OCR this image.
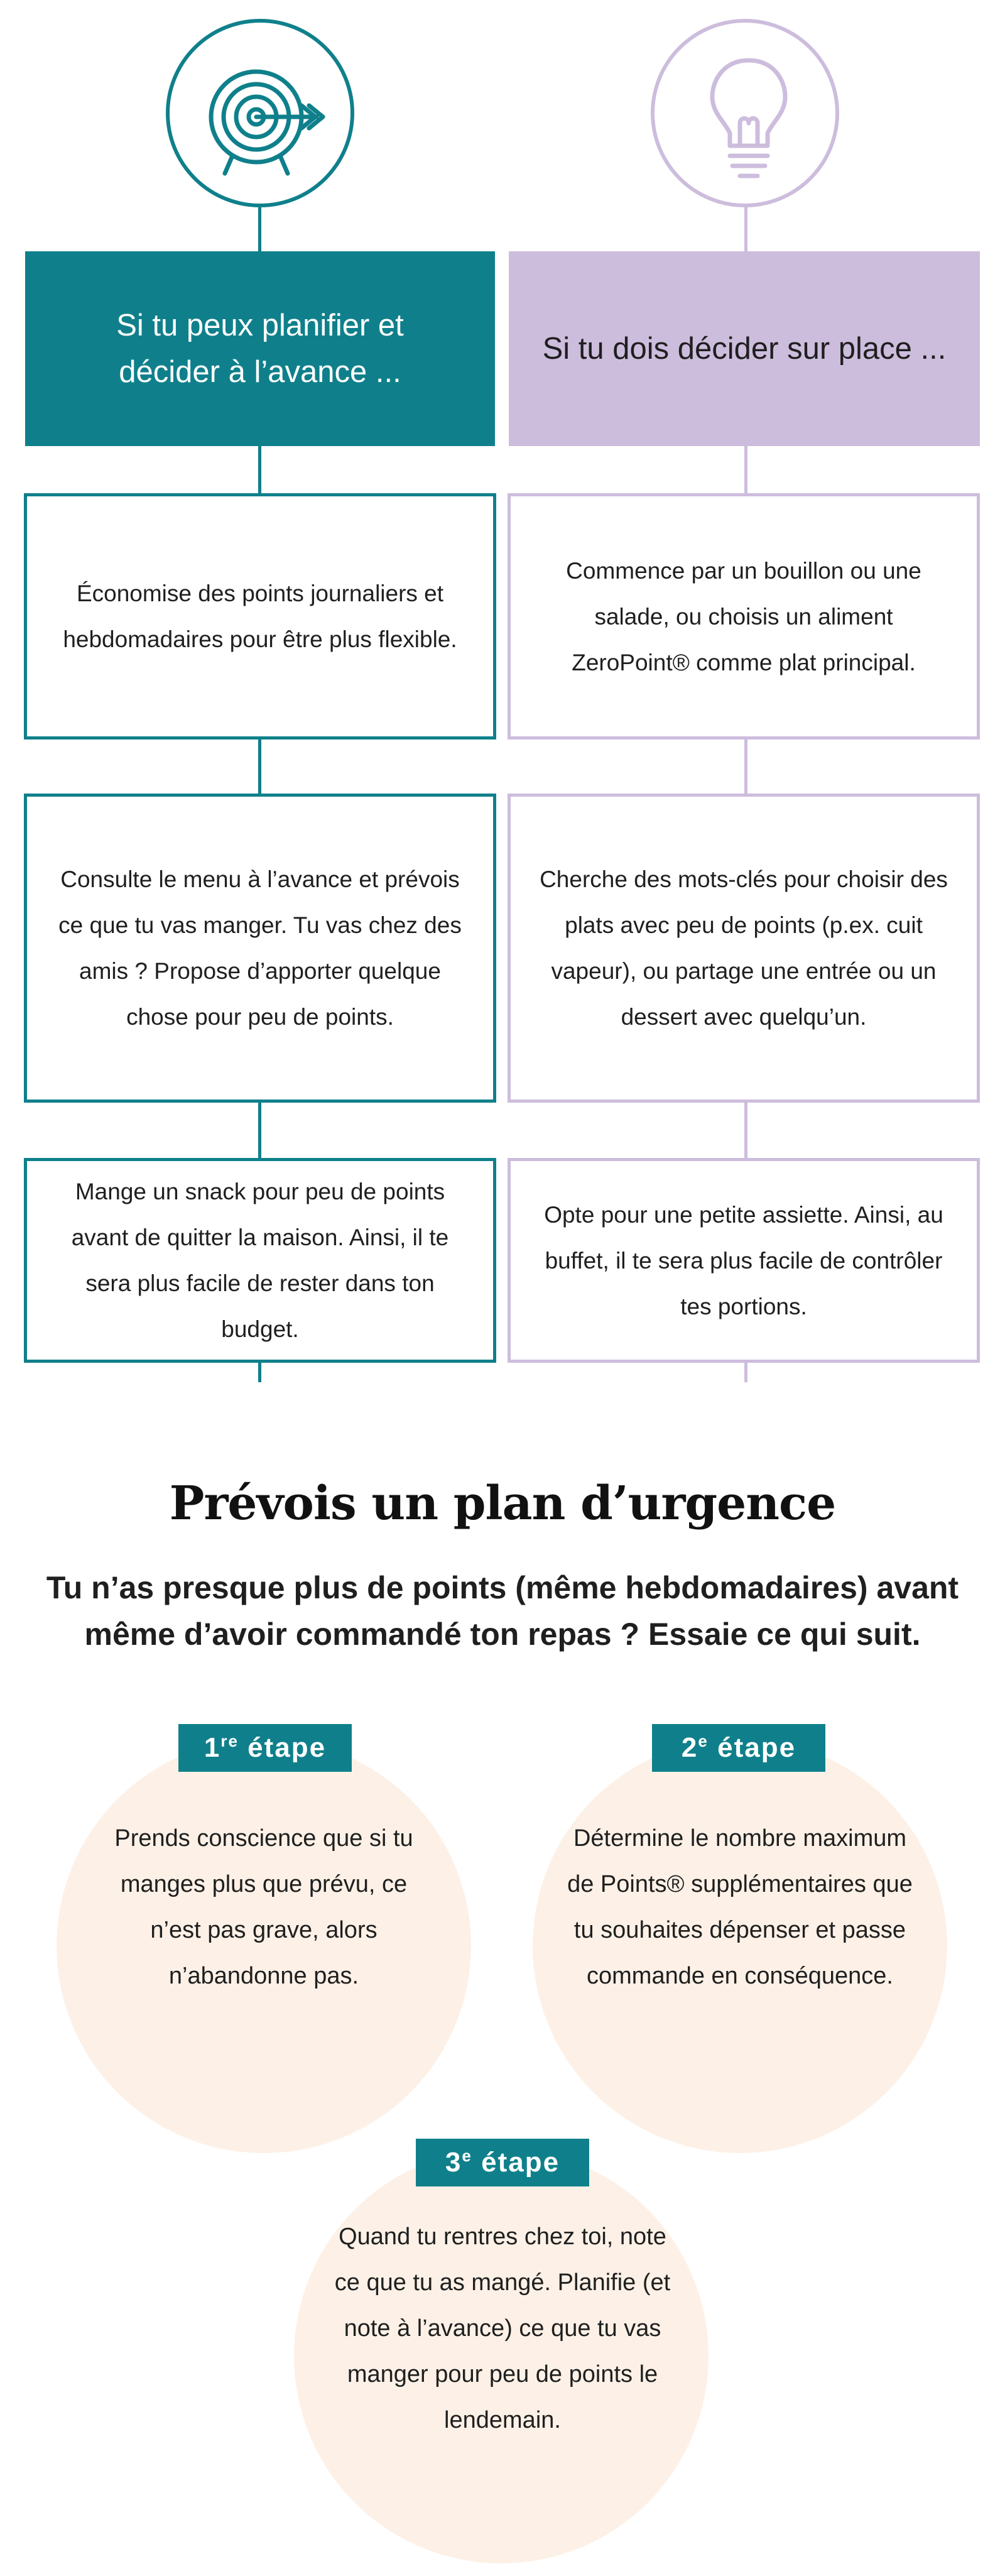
Si tu peux planifier et décider à l’avance ...
Si tu dois décider sur place ...
Économise des points journaliers et hebdomadaires pour être plus flexible.
Consulte le menu à l’avance et prévois ce que tu vas manger. Tu vas chez des amis ? Propose d’apporter quelque chose pour peu de points.
Mange un snack pour peu de points avant de quitter la maison. Ainsi, il te sera plus facile de rester dans ton budget.
Commence par un bouillon ou une salade, ou choisis un aliment ZeroPoint® comme plat principal.
Cherche des mots-clés pour choisir des plats avec peu de points (p.ex. cuit vapeur), ou partage une entrée ou un dessert avec quelqu’un.
Opte pour une petite assiette. Ainsi, au buffet, il te sera plus facile de contrôler tes portions.
Prévois un plan d’urgence
Tu n’as presque plus de points (même hebdomadaires) avant même d’avoir commandé ton repas ? Essaie ce qui suit.
1re étape
Prends conscience que si tu manges plus que prévu, ce n’est pas grave, alors n’abandonne pas.
2e étape
Détermine le nombre maximum de Points® supplémentaires que tu souhaites dépenser et passe commande en conséquence.
3e étape
Quand tu rentres chez toi, note ce que tu as mangé. Planifie (et note à l’avance) ce que tu vas manger pour peu de points le lendemain.
